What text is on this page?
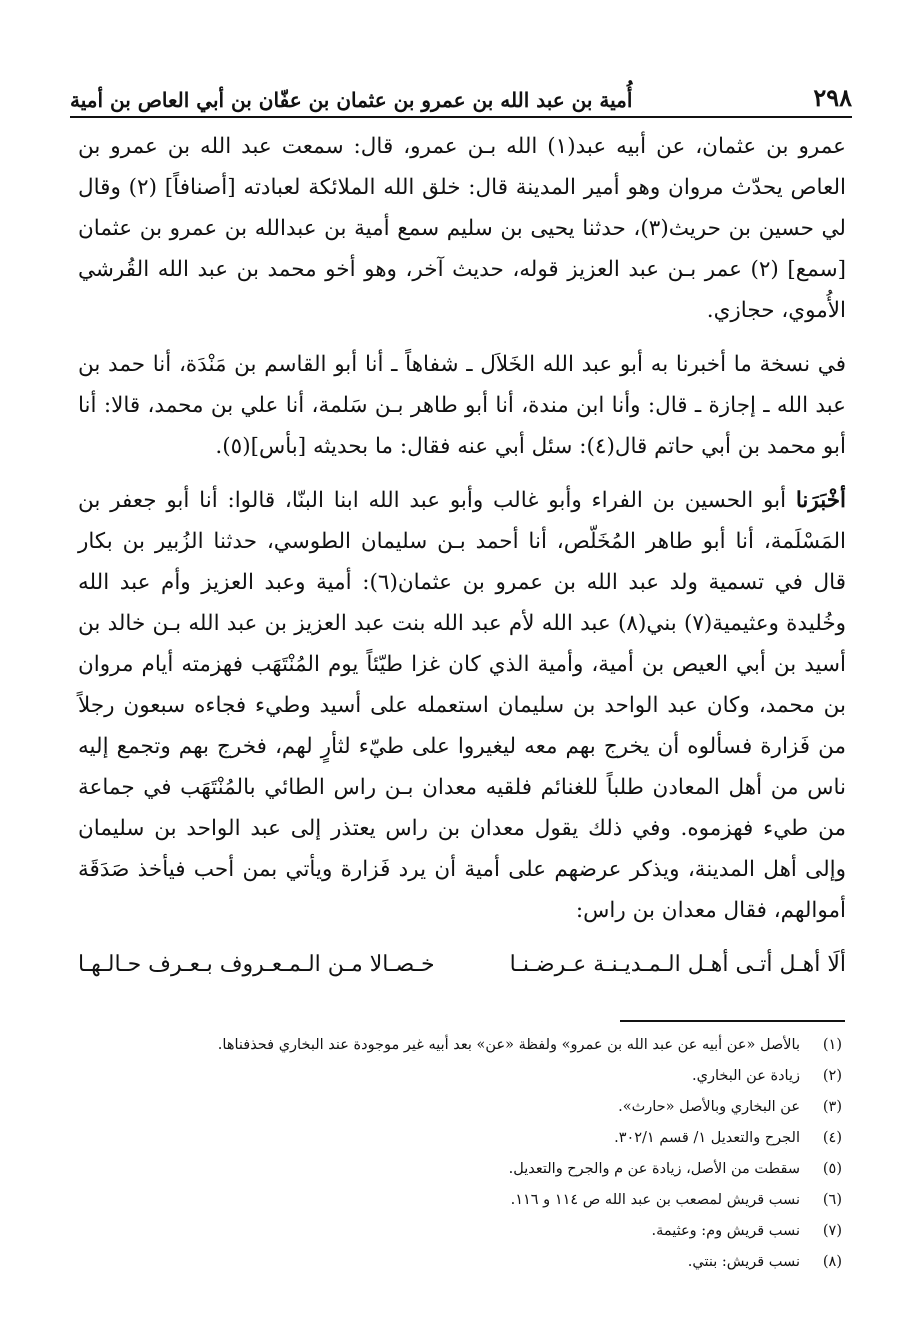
٢٩٨
أُمية بن عبد الله بن عمرو بن عثمان بن عفّان بن أبي العاص بن أمية

عمرو بن عثمان، عن أبيه عبد(١) الله بـن عمرو، قال: سمعت عبد الله بن عمرو بن العاص يحدّث مروان وهو أمير المدينة قال: خلق الله الملائكة لعبادته [أصنافاً] (٢) وقال لي حسين بن حريث(٣)، حدثنا يحيى بن سليم سمع أمية بن عبدالله بن عمرو بن عثمان [سمع] (٢) عمر بـن عبد العزيز قوله، حديث آخر، وهو أخو محمد بن عبد الله القُرشي الأُموي، حجازي.

في نسخة ما أخبرنا به أبو عبد الله الخَلاَل ـ شفاهاً ـ أنا أبو القاسم بن مَنْدَة، أنا حمد بن عبد الله ـ إجازة ـ قال: وأنا ابن مندة، أنا أبو طاهر بـن سَلمة، أنا علي بن محمد، قالا: أنا أبو محمد بن أبي حاتم قال(٤): سئل أبي عنه فقال: ما بحديثه [بأس](٥).

أخْبَرَنا أبو الحسين بن الفراء وأبو غالب وأبو عبد الله ابنا البنّا، قالوا: أنا أبو جعفر بن المَسْلَمة، أنا أبو طاهر المُخَلّص، أنا أحمد بـن سليمان الطوسي، حدثنا الزُبير بن بكار قال في تسمية ولد عبد الله بن عمرو بن عثمان(٦): أمية وعبد العزيز وأم عبد الله وخُليدة وعثيمية(٧) بني(٨) عبد الله لأم عبد الله بنت عبد العزيز بن عبد الله بـن خالد بن أسيد بن أبي العيص بن أمية، وأمية الذي كان غزا طيّئاً يوم المُنْتَهَب فهزمته أيام مروان بن محمد، وكان عبد الواحد بن سليمان استعمله على أسيد وطيء فجاءه سبعون رجلاً من فَزارة فسألوه أن يخرج بهم معه ليغيروا على طيّء لثأرٍ لهم، فخرج بهم وتجمع إليه ناس من أهل المعادن طلباً للغنائم فلقيه معدان بـن راس الطائي بالمُنْتَهَب في جماعة من طيء فهزموه. وفي ذلك يقول معدان بن راس يعتذر إلى عبد الواحد بن سليمان وإلى أهل المدينة، ويذكر عرضهم على أمية أن يرد فَزارة ويأتي بمن أحب فيأخذ صَدَقَة أموالهم، فقال معدان بن راس:

ألَا أهـل أتـى أهـل الـمـديـنـة عـرضـنـا
خـصـالا مـن الـمـعـروف بـعـرف حـالـهـا
(١)
بالأصل «عن أبيه عن عبد الله بن عمرو» ولفظة «عن» بعد أبيه غير موجودة عند البخاري فحذفناها.
(٢)
زيادة عن البخاري.
(٣)
عن البخاري وبالأصل «حارث».
(٤)
الجرح والتعديل ١/ قسم ٣٠٢/١.
(٥)
سقطت من الأصل، زيادة عن م والجرح والتعديل.
(٦)
نسب قريش لمصعب بن عبد الله ص ١١٤ و ١١٦.
(٧)
نسب قريش وم: وعثيمة.
(٨)
نسب قريش: بنتي.
